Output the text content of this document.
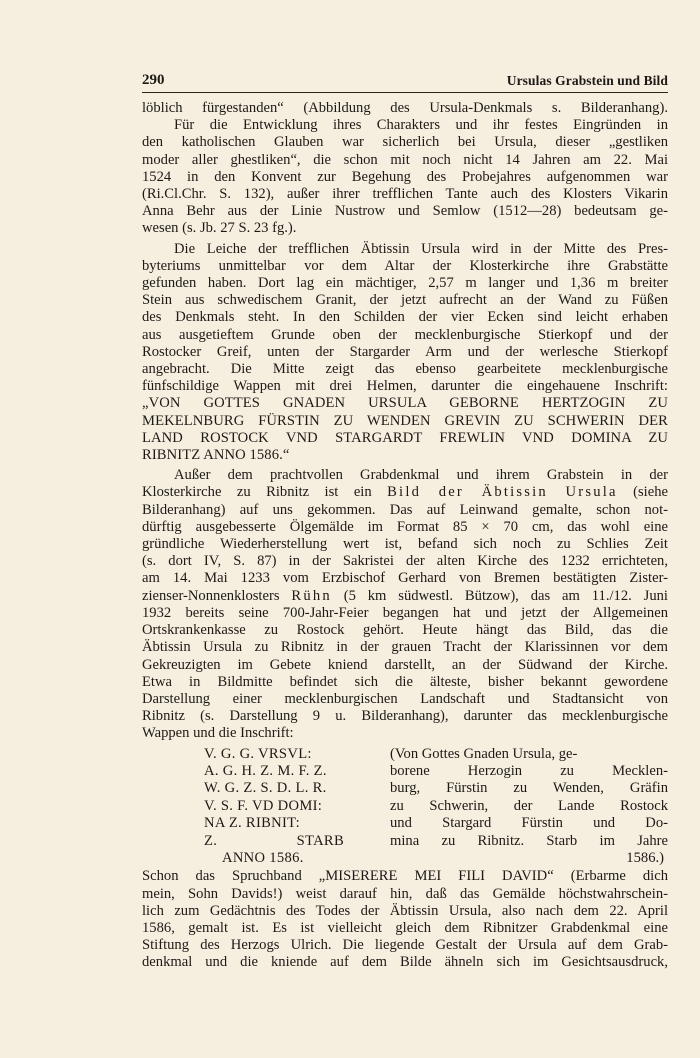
290	Ursulas Grabstein und Bild
löblich fürgestanden“ (Abbildung des Ursula-Denkmals s. Bilderanhang).
Für die Entwicklung ihres Charakters und ihr festes Eingründen in
den katholischen Glauben war sicherlich bei Ursula, dieser „gestliken
moder aller ghestliken“, die schon mit noch nicht 14 Jahren am 22. Mai
1524 in den Konvent zur Begehung des Probejahres aufgenommen war
(Ri.Cl.Chr. S. 132), außer ihrer trefflichen Tante auch des Klosters Vikarin
Anna Behr aus der Linie Nustrow und Semlow (1512—28) bedeutsam ge-
wesen (s. Jb. 27 S. 23 fg.).
Die Leiche der trefflichen Äbtissin Ursula wird in der Mitte des Pres-
byteriums unmittelbar vor dem Altar der Klosterkirche ihre Grabstätte
gefunden haben. Dort lag ein mächtiger, 2,57 m langer und 1,36 m breiter
Stein aus schwedischem Granit, der jetzt aufrecht an der Wand zu Füßen
des Denkmals steht. In den Schilden der vier Ecken sind leicht erhaben
aus ausgetieftem Grunde oben der mecklenburgische Stierkopf und der
Rostocker Greif, unten der Stargarder Arm und der werlesche Stierkopf
angebracht. Die Mitte zeigt das ebenso gearbeitete mecklenburgische
fünfschildige Wappen mit drei Helmen, darunter die eingehauene Inschrift:
„VON GOTTES GNADEN URSULA GEBORNE HERTZOGIN ZU
MEKELNBURG FÜRSTIN ZU WENDEN GREVIN ZU SCHWERIN DER
LAND ROSTOCK VND STARGARDT FREWLIN VND DOMINA ZU
RIBNITZ ANNO 1586.“
Außer dem prachtvollen Grabdenkmal und ihrem Grabstein in der
Klosterkirche zu Ribnitz ist ein Bild der Äbtissin Ursula (siehe
Bilderanhang) auf uns gekommen. Das auf Leinwand gemalte, schon not-
dürftig ausgebesserte Ölgemälde im Format 85 × 70 cm, das wohl eine
gründliche Wiederherstellung wert ist, befand sich noch zu Schlies Zeit
(s. dort IV, S. 87) in der Sakristei der alten Kirche des 1232 errichteten,
am 14. Mai 1233 vom Erzbischof Gerhard von Bremen bestätigten Zister-
zienser-Nonnenklosters Rühn (5 km südwestl. Bützow), das am 11./12. Juni
1932 bereits seine 700-Jahr-Feier begangen hat und jetzt der Allgemeinen
Ortskrankenkasse zu Rostock gehört. Heute hängt das Bild, das die
Äbtissin Ursula zu Ribnitz in der grauen Tracht der Klarissinnen vor dem
Gekreuzigten im Gebete kniend darstellt, an der Südwand der Kirche.
Etwa in Bildmitte befindet sich die älteste, bisher bekannt gewordene
Darstellung einer mecklenburgischen Landschaft und Stadtansicht von
Ribnitz (s. Darstellung 9 u. Bilderanhang), darunter das mecklenburgische
Wappen und die Inschrift:
V. G. G. VRSVL:
A. G. H. Z. M. F. Z.
W. G. Z. S. D. L. R.
V. S. F. VD DOMI:
NA Z. RIBNIT:
Z.	STARB
ANNO 1586.
(Von Gottes Gnaden Ursula, ge-
borene Herzogin zu Mecklen-
burg, Fürstin zu Wenden, Gräfin
zu Schwerin, der Lande Rostock
und Stargard Fürstin und Do-
mina zu Ribnitz. Starb im Jahre
1586.)
Schon das Spruchband „MISERERE MEI FILI DAVID“ (Erbarme dich
mein, Sohn Davids!) weist darauf hin, daß das Gemälde höchstwahrschein-
lich zum Gedächtnis des Todes der Äbtissin Ursula, also nach dem 22. April
1586, gemalt ist. Es ist vielleicht gleich dem Ribnitzer Grabdenkmal eine
Stiftung des Herzogs Ulrich. Die liegende Gestalt der Ursula auf dem Grab-
denkmal und die kniende auf dem Bilde ähneln sich im Gesichtsausdruck,
